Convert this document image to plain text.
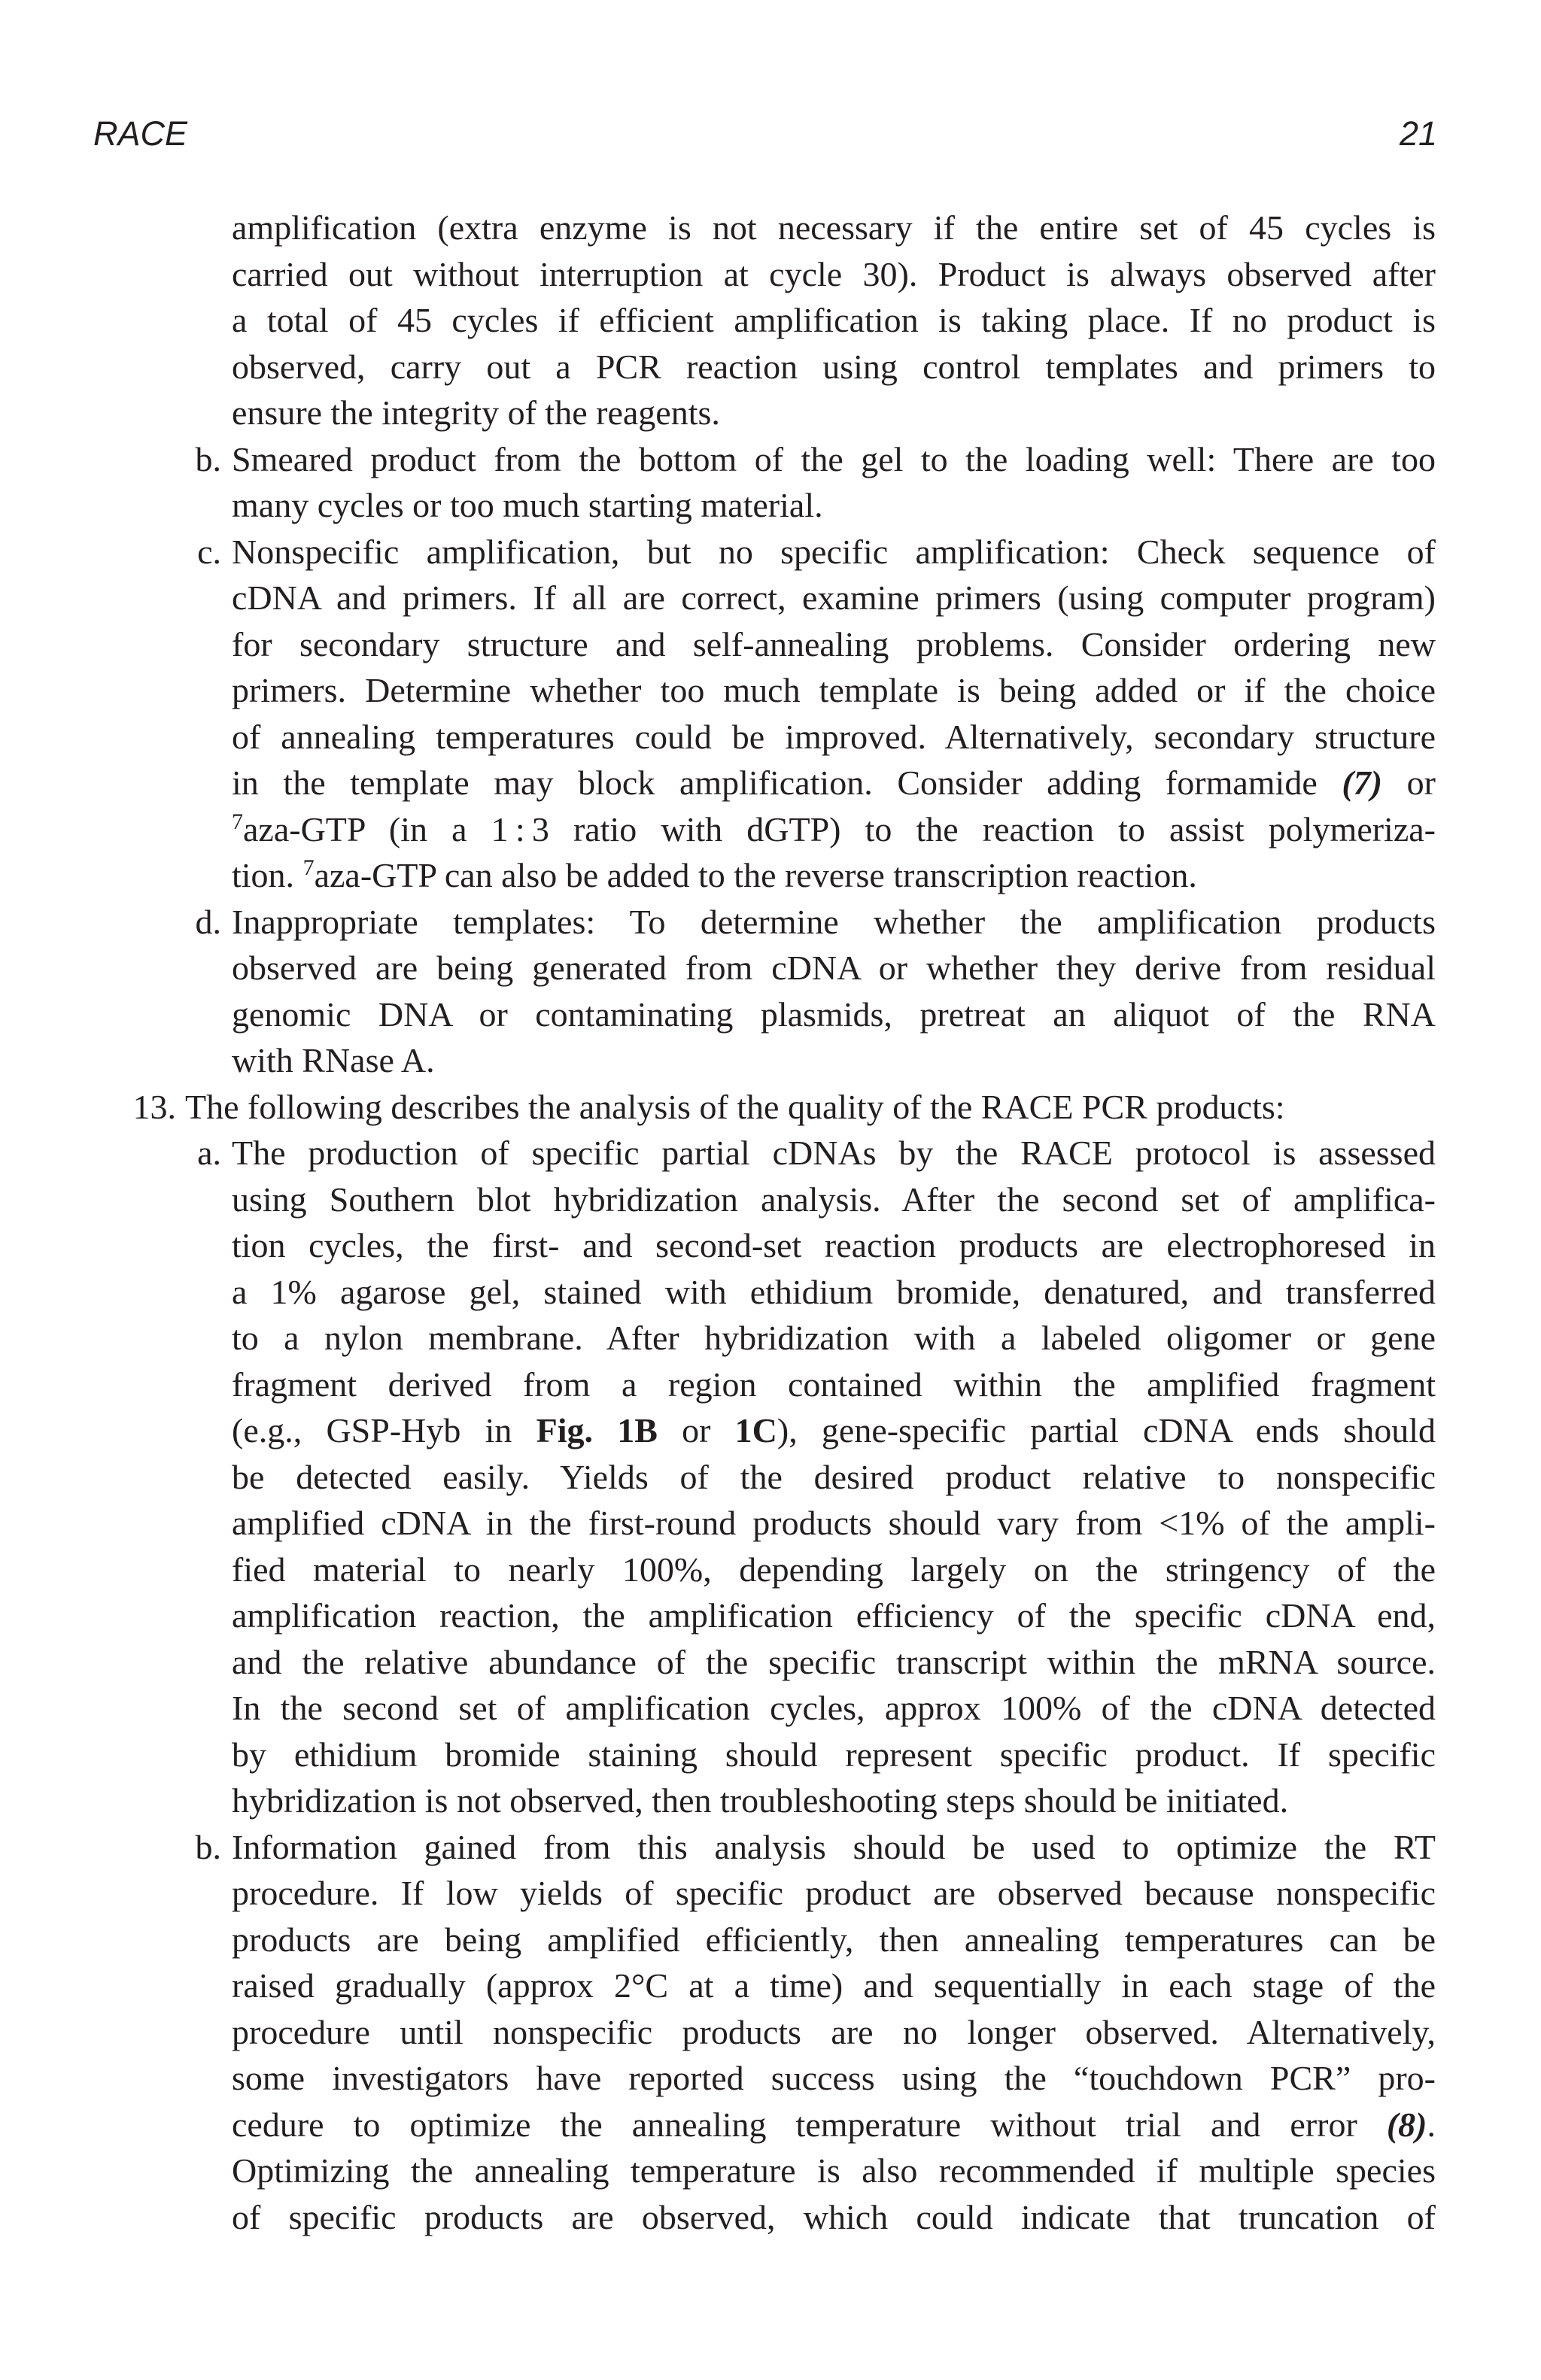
RACE	21
amplification (extra enzyme is not necessary if the entire set of 45 cycles is
carried out without interruption at cycle 30). Product is always observed after
a total of 45 cycles if efficient amplification is taking place. If no product is
observed, carry out a PCR reaction using control templates and primers to
ensure the integrity of the reagents.
b. Smeared product from the bottom of the gel to the loading well: There are too
many cycles or too much starting material.
c. Nonspecific amplification, but no specific amplification: Check sequence of
cDNA and primers. If all are correct, examine primers (using computer program)
for secondary structure and self-annealing problems. Consider ordering new
primers. Determine whether too much template is being added or if the choice
of annealing temperatures could be improved. Alternatively, secondary structure
in the template may block amplification. Consider adding formamide (7) or
$^7$aza-GTP (in a 1 : 3 ratio with dGTP) to the reaction to assist polymeriza-
tion. $^7$aza-GTP can also be added to the reverse transcription reaction.
d. Inappropriate templates: To determine whether the amplification products
observed are being generated from cDNA or whether they derive from residual
genomic DNA or contaminating plasmids, pretreat an aliquot of the RNA
with RNase A.
13. The following describes the analysis of the quality of the RACE PCR products:
a. The production of specific partial cDNAs by the RACE protocol is assessed
using Southern blot hybridization analysis. After the second set of amplifica-
tion cycles, the first- and second-set reaction products are electrophoresed in
a 1% agarose gel, stained with ethidium bromide, denatured, and transferred
to a nylon membrane. After hybridization with a labeled oligomer or gene
fragment derived from a region contained within the amplified fragment
(e.g., GSP-Hyb in Fig. 1B or 1C), gene-specific partial cDNA ends should
be detected easily. Yields of the desired product relative to nonspecific
amplified cDNA in the first-round products should vary from <1% of the ampli-
fied material to nearly 100%, depending largely on the stringency of the
amplification reaction, the amplification efficiency of the specific cDNA end,
and the relative abundance of the specific transcript within the mRNA source.
In the second set of amplification cycles, approx 100% of the cDNA detected
by ethidium bromide staining should represent specific product. If specific
hybridization is not observed, then troubleshooting steps should be initiated.
b. Information gained from this analysis should be used to optimize the RT
procedure. If low yields of specific product are observed because nonspecific
products are being amplified efficiently, then annealing temperatures can be
raised gradually (approx 2°C at a time) and sequentially in each stage of the
procedure until nonspecific products are no longer observed. Alternatively,
some investigators have reported success using the “touchdown PCR” pro-
cedure to optimize the annealing temperature without trial and error (8).
Optimizing the annealing temperature is also recommended if multiple species
of specific products are observed, which could indicate that truncation of
